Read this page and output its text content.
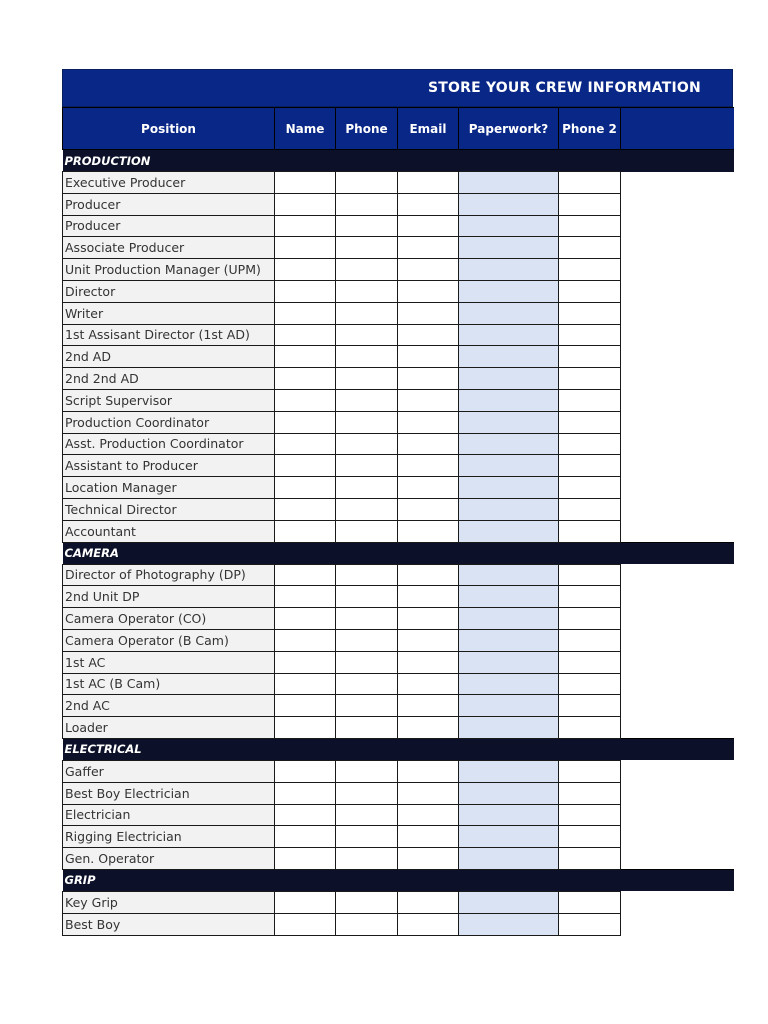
STORE YOUR CREW INFORMATION
Position	Name	Phone	Email	Paperwork?	Phone 2	
PRODUCTION						
Executive Producer						
Producer						
Producer						
Associate Producer						
Unit Production Manager (UPM)						
Director						
Writer						
1st Assisant Director (1st AD)						
2nd AD						
2nd 2nd AD						
Script Supervisor						
Production Coordinator						
Asst. Production Coordinator						
Assistant to Producer						
Location Manager						
Technical Director						
Accountant						
CAMERA						
Director of Photography (DP)						
2nd Unit DP						
Camera Operator (CO)						
Camera Operator (B Cam)						
1st AC						
1st AC (B Cam)						
2nd AC						
Loader						
ELECTRICAL						
Gaffer						
Best Boy Electrician						
Electrician						
Rigging Electrician						
Gen. Operator						
GRIP						
Key Grip						
Best Boy						
